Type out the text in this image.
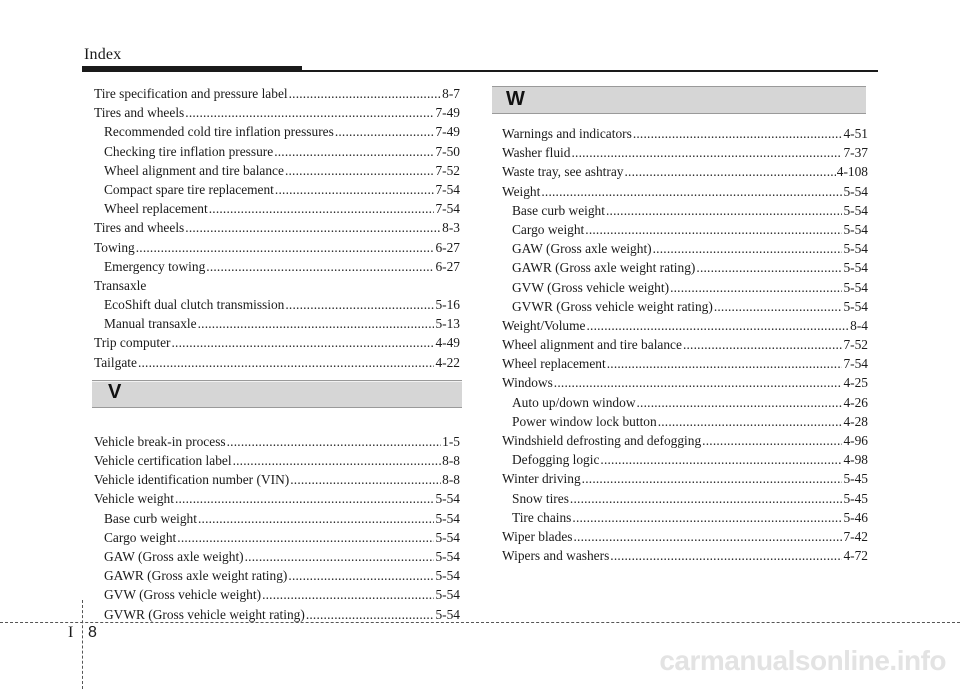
Index
Tire specification and pressure label .....	8-7
Tires and wheels .....	7-49
Recommended cold tire inflation pressures .....	7-49
Checking tire inflation pressure .....	7-50
Wheel alignment and tire balance .....	7-52
Compact spare tire replacement .....	7-54
Wheel replacement .....	7-54
Tires and wheels .....	8-3
Towing .....	6-27
Emergency towing .....	6-27
Transaxle
EcoShift dual clutch transmission .....	5-16
Manual transaxle .....	5-13
Trip computer .....	4-49
Tailgate .....	4-22
V
Vehicle break-in process .....	1-5
Vehicle certification label .....	8-8
Vehicle identification number (VIN) .....	8-8
Vehicle weight .....	5-54
Base curb weight .....	5-54
Cargo weight .....	5-54
GAW (Gross axle weight) .....	5-54
GAWR (Gross axle weight rating) .....	5-54
GVW (Gross vehicle weight) .....	5-54
GVWR (Gross vehicle weight rating) .....	5-54
W
Warnings and indicators .....	4-51
Washer fluid .....	7-37
Waste tray, see ashtray .....	4-108
Weight .....	5-54
Base curb weight .....	5-54
Cargo weight .....	5-54
GAW (Gross axle weight) .....	5-54
GAWR (Gross axle weight rating) .....	5-54
GVW (Gross vehicle weight) .....	5-54
GVWR (Gross vehicle weight rating) .....	5-54
Weight/Volume .....	8-4
Wheel alignment and tire balance .....	7-52
Wheel replacement .....	7-54
Windows .....	4-25
Auto up/down window .....	4-26
Power window lock button .....	4-28
Windshield defrosting and defogging .....	4-96
Defogging logic .....	4-98
Winter driving .....	5-45
Snow tires .....	5-45
Tire chains .....	5-46
Wiper blades .....	7-42
Wipers and washers .....	4-72
I 8
carmanualsonline.info
